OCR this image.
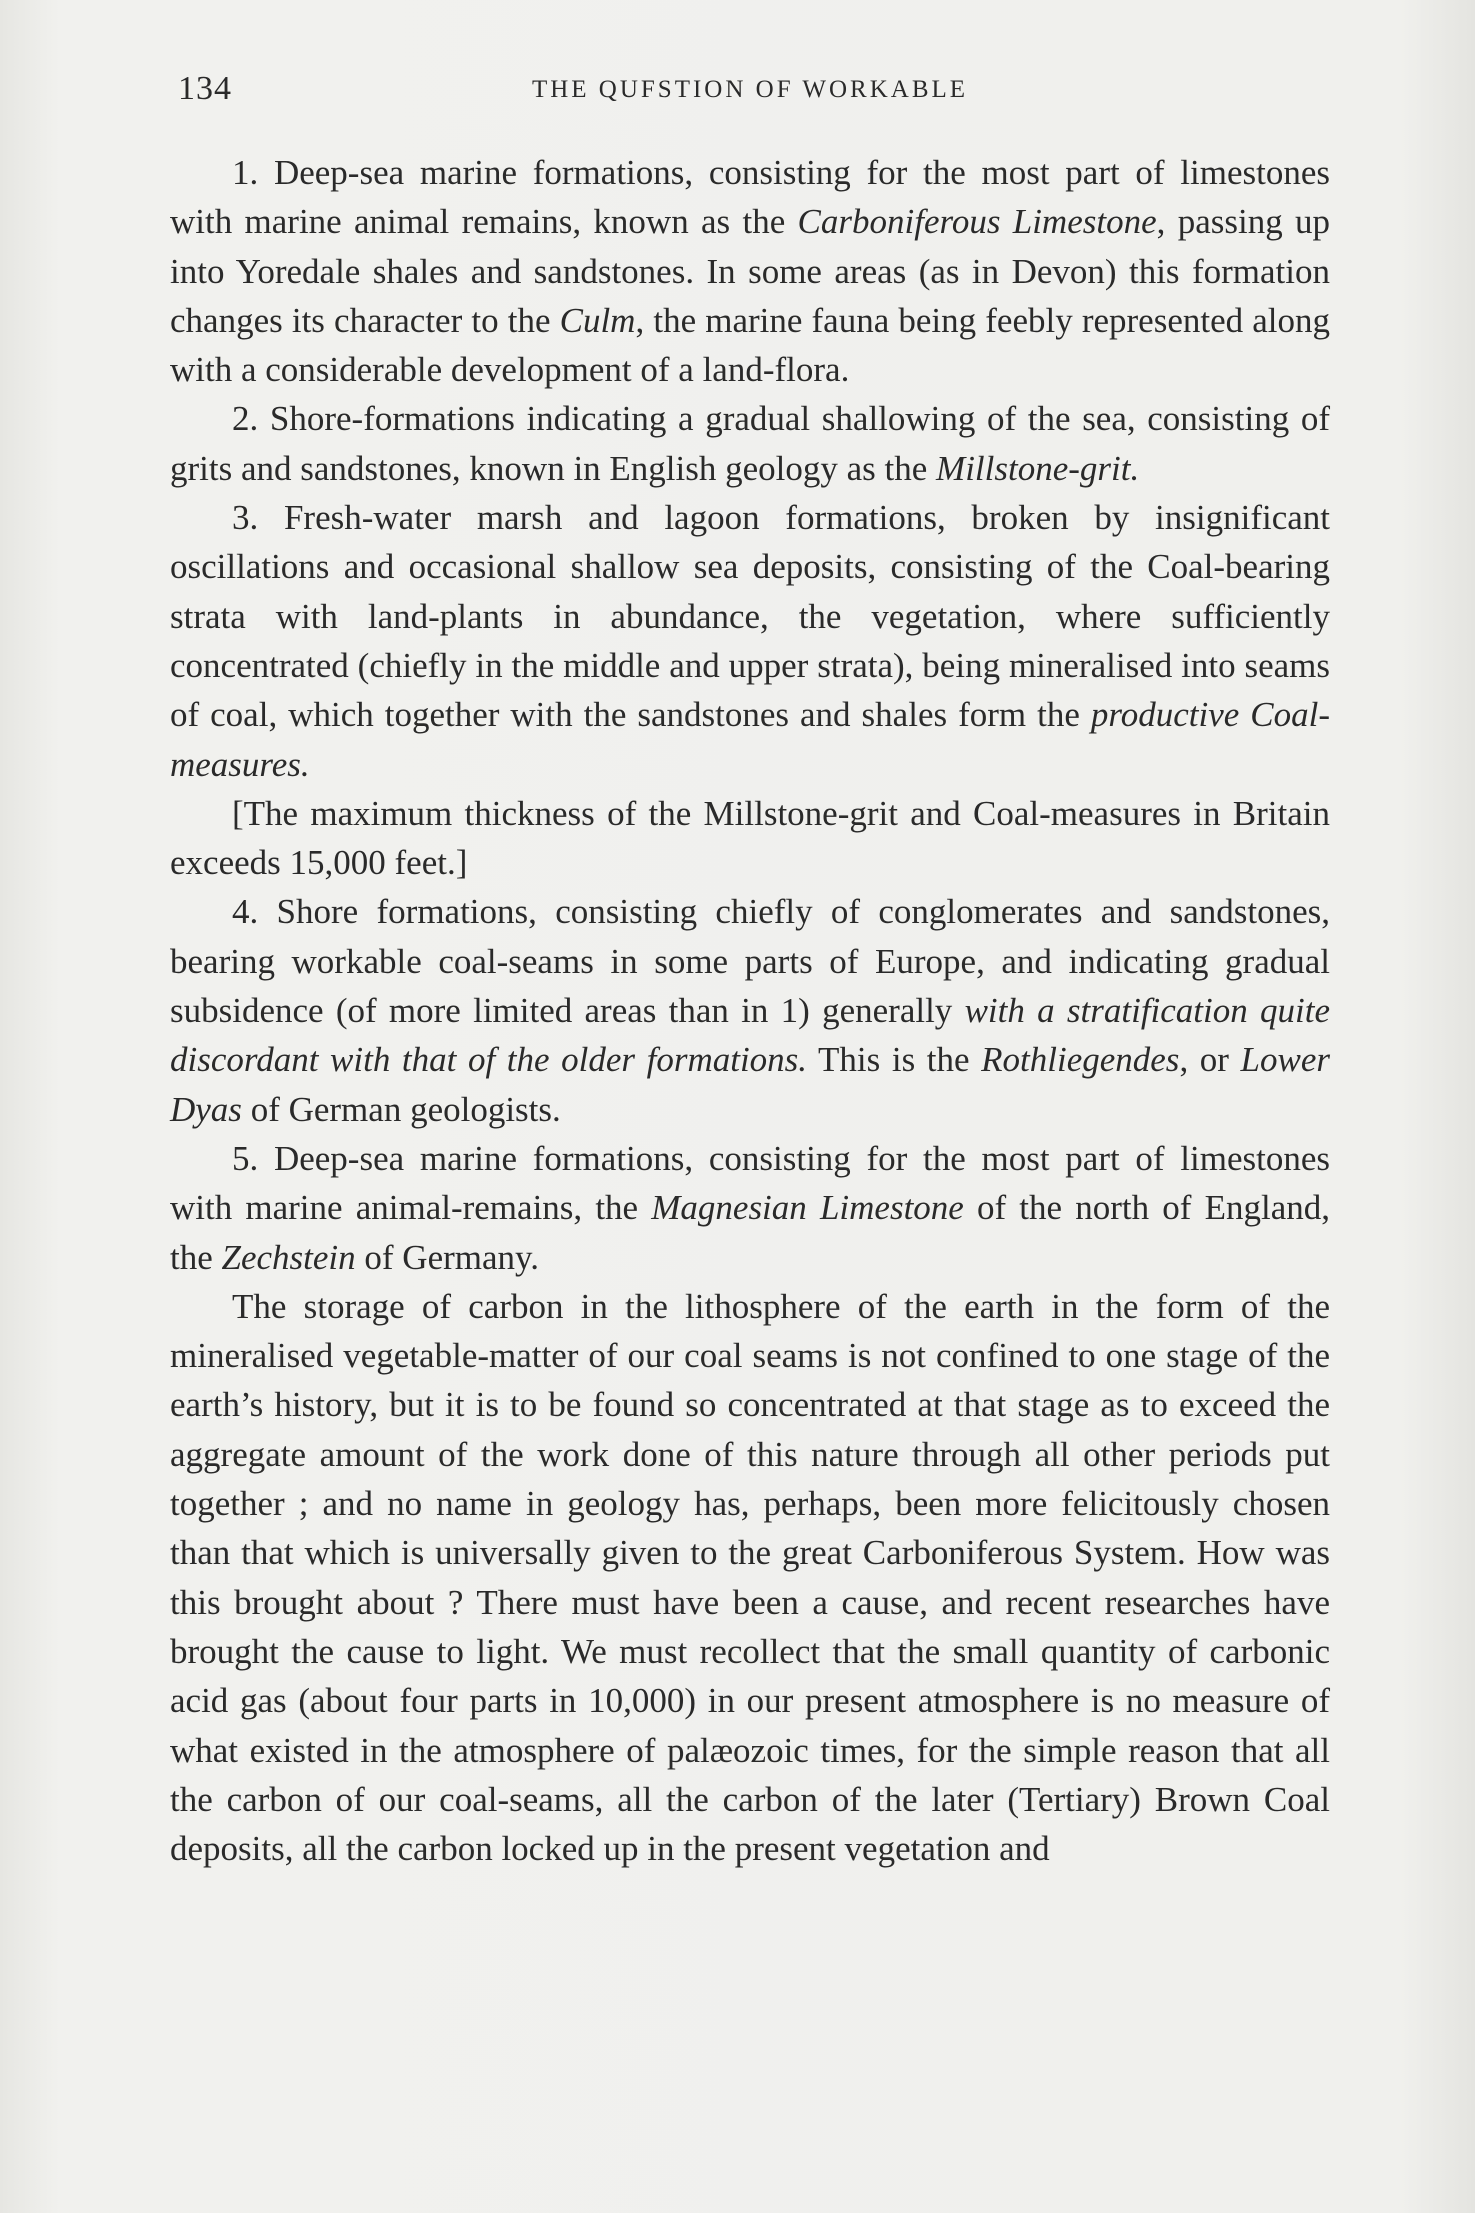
134	THE QUFSTION OF WORKABLE

1. Deep-sea marine formations, consisting for the most part of limestones with marine animal remains, known as the Carboniferous Limestone, passing up into Yoredale shales and sandstones. In some areas (as in Devon) this formation changes its character to the Culm, the marine fauna being feebly represented along with a considerable development of a land-flora.

2. Shore-formations indicating a gradual shallowing of the sea, consisting of grits and sandstones, known in English geology as the Millstone-grit.

3. Fresh-water marsh and lagoon formations, broken by insignificant oscillations and occasional shallow sea deposits, consisting of the Coal-bearing strata with land-plants in abundance, the vegetation, where sufficiently concentrated (chiefly in the middle and upper strata), being mineralised into seams of coal, which together with the sandstones and shales form the productive Coal-measures.

[The maximum thickness of the Millstone-grit and Coal-measures in Britain exceeds 15,000 feet.]

4. Shore formations, consisting chiefly of conglomerates and sandstones, bearing workable coal-seams in some parts of Europe, and indicating gradual subsidence (of more limited areas than in 1) generally with a stratification quite discordant with that of the older formations. This is the Rothliegendes, or Lower Dyas of German geologists.

5. Deep-sea marine formations, consisting for the most part of limestones with marine animal-remains, the Magnesian Limestone of the north of England, the Zechstein of Germany.

The storage of carbon in the lithosphere of the earth in the form of the mineralised vegetable-matter of our coal seams is not confined to one stage of the earth’s history, but it is to be found so concentrated at that stage as to exceed the aggregate amount of the work done of this nature through all other periods put together ; and no name in geology has, perhaps, been more felicitously chosen than that which is universally given to the great Carboniferous System. How was this brought about ? There must have been a cause, and recent researches have brought the cause to light. We must recollect that the small quantity of carbonic acid gas (about four parts in 10,000) in our present atmosphere is no measure of what existed in the atmosphere of palæozoic times, for the simple reason that all the carbon of our coal-seams, all the carbon of the later (Tertiary) Brown Coal deposits, all the carbon locked up in the present vegetation and
